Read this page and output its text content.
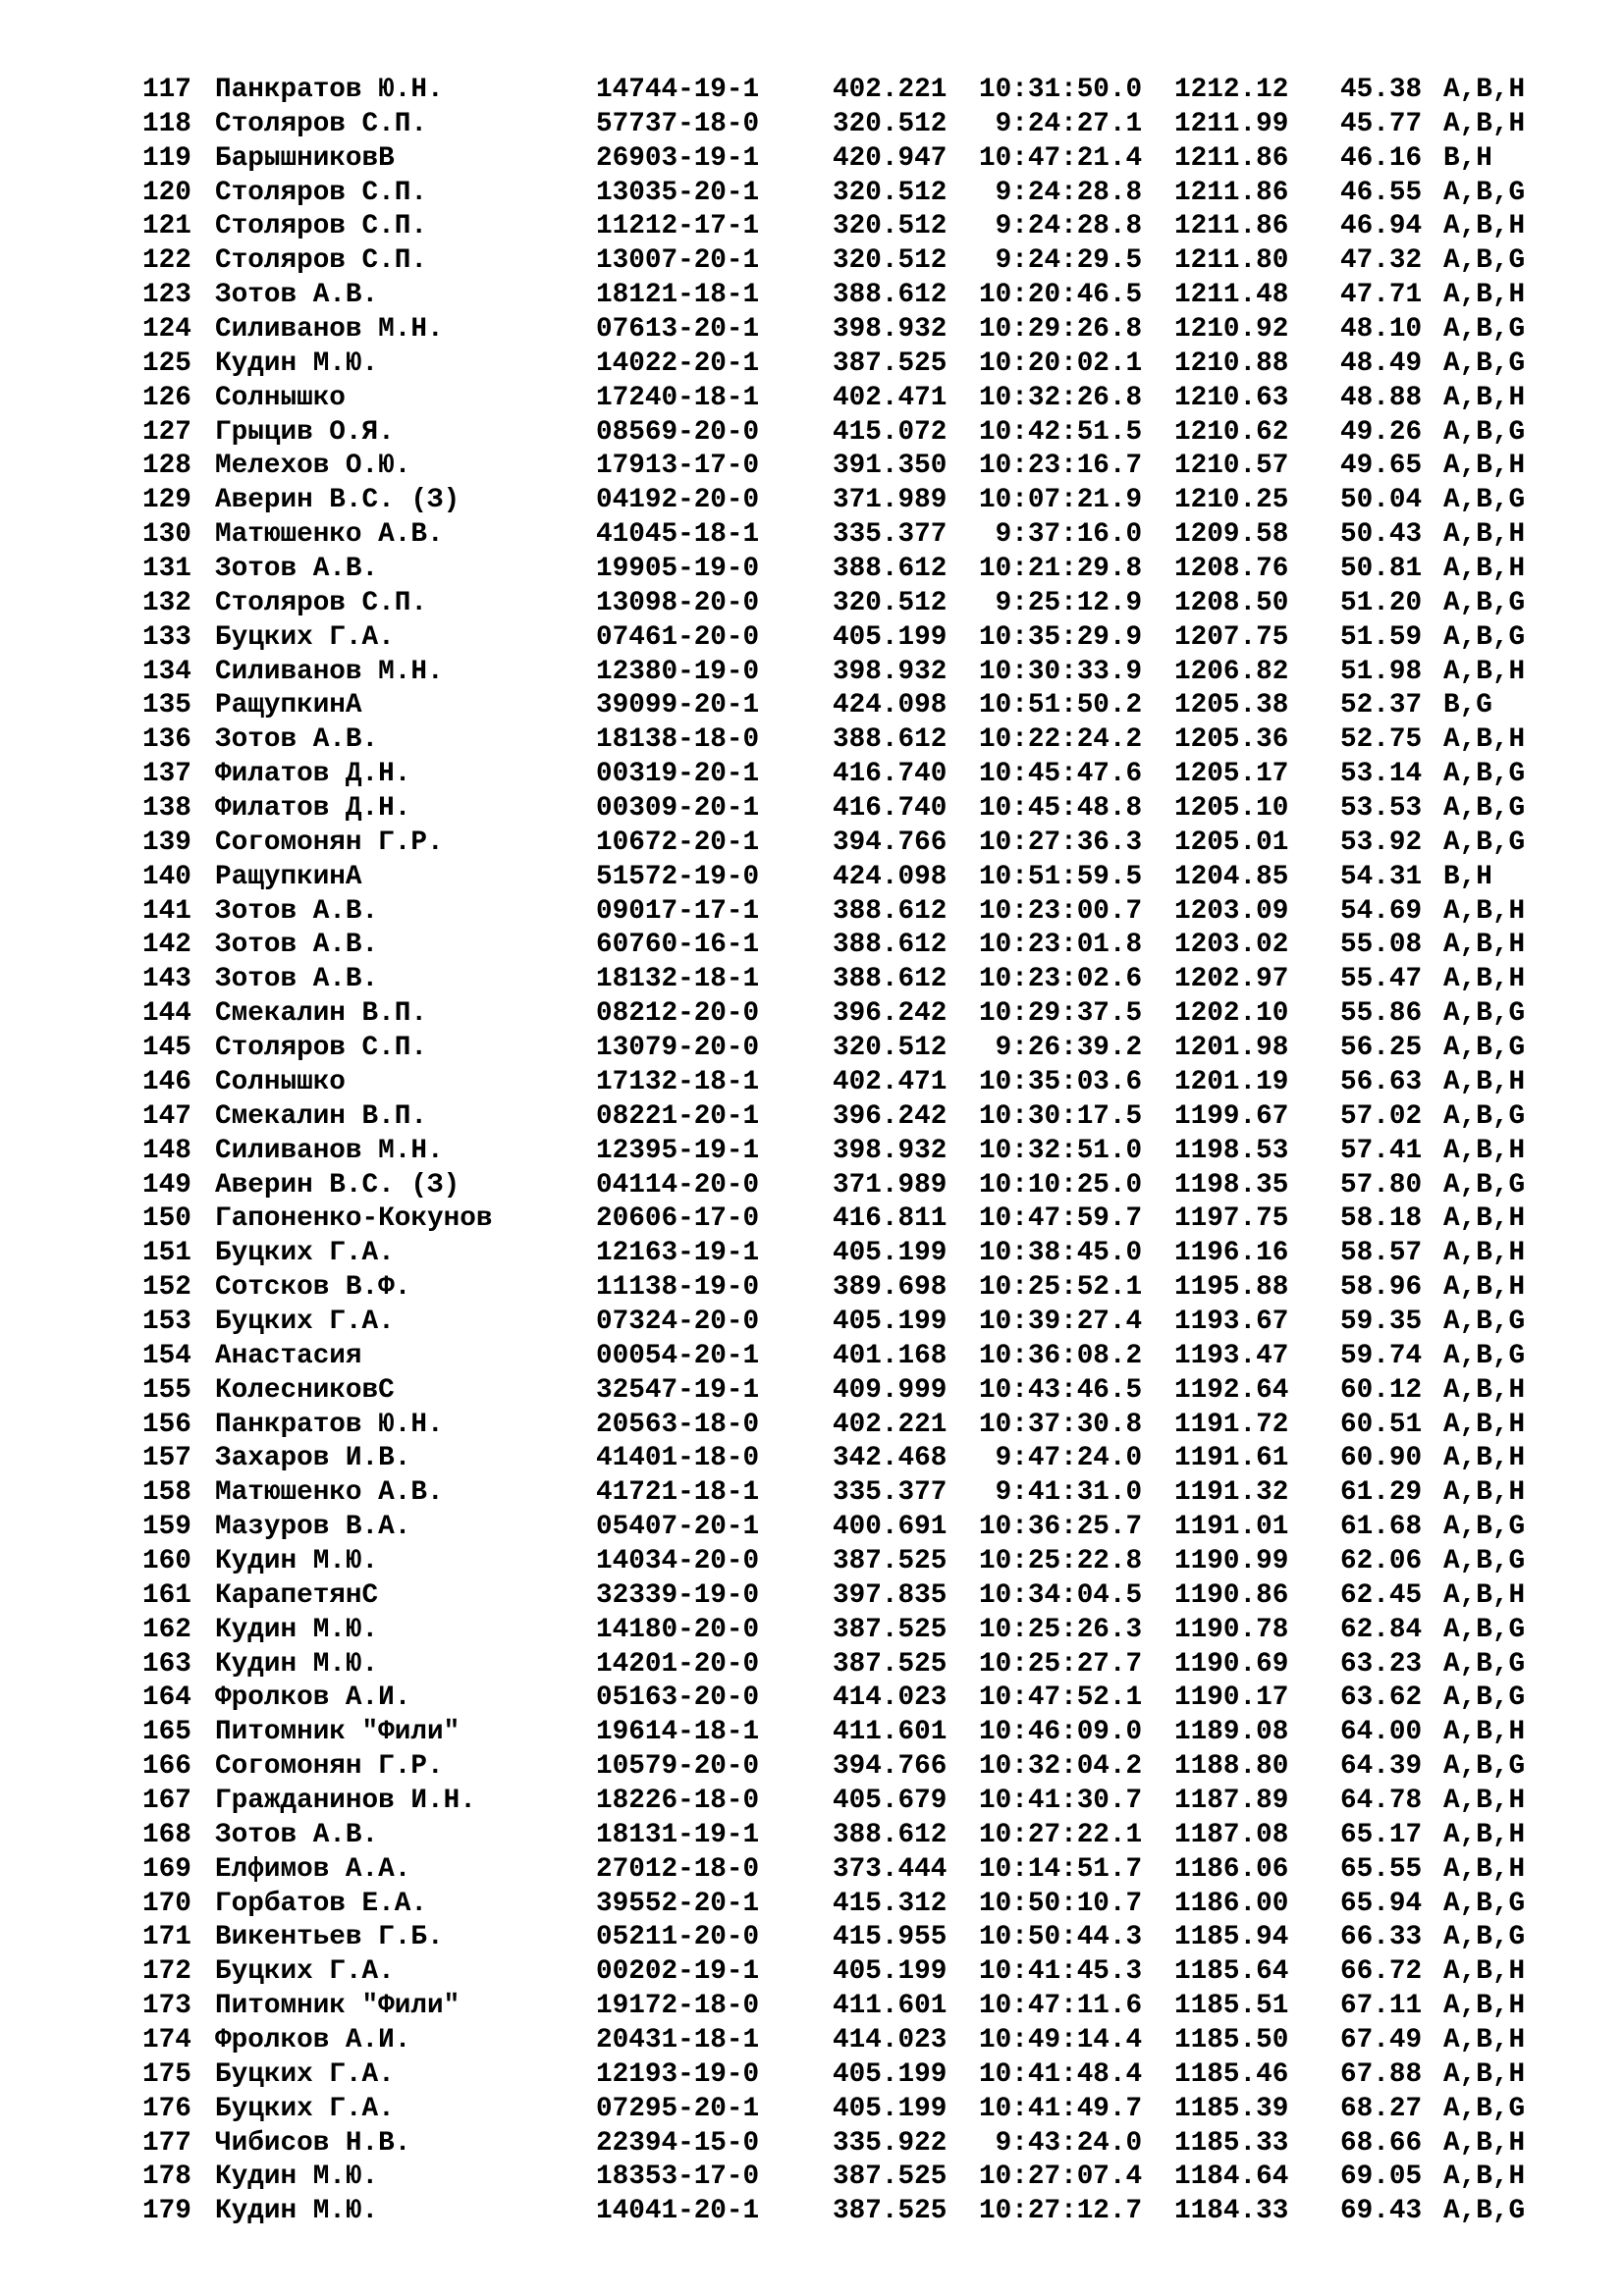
117 Панкратов Ю.Н.	14744-19-1	402.221 10:31:50.0 1212.12 45.38 A,B,H
118 Столяров С.П.	57737-18-0	320.512 9:24:27.1 1211.99 45.77 A,B,H
119 БарышниковВ	26903-19-1	420.947 10:47:21.4 1211.86 46.16 B,H
120 Столяров С.П.	13035-20-1	320.512 9:24:28.8 1211.86 46.55 A,B,G
121 Столяров С.П.	11212-17-1	320.512 9:24:28.8 1211.86 46.94 A,B,H
122 Столяров С.П.	13007-20-1	320.512 9:24:29.5 1211.80 47.32 A,B,G
123 Зотов А.В.	18121-18-1	388.612 10:20:46.5 1211.48 47.71 A,B,H
124 Силиванов М.Н.	07613-20-1	398.932 10:29:26.8 1210.92 48.10 A,B,G
125 Кудин М.Ю.	14022-20-1	387.525 10:20:02.1 1210.88 48.49 A,B,G
126 Солнышко	17240-18-1	402.471 10:32:26.8 1210.63 48.88 A,B,H
127 Грыцив О.Я.	08569-20-0	415.072 10:42:51.5 1210.62 49.26 A,B,G
128 Мелехов О.Ю.	17913-17-0	391.350 10:23:16.7 1210.57 49.65 A,B,H
129 Аверин В.С. (З)	04192-20-0	371.989 10:07:21.9 1210.25 50.04 A,B,G
130 Матюшенко А.В.	41045-18-1	335.377 9:37:16.0 1209.58 50.43 A,B,H
131 Зотов А.В.	19905-19-0	388.612 10:21:29.8 1208.76 50.81 A,B,H
132 Столяров С.П.	13098-20-0	320.512 9:25:12.9 1208.50 51.20 A,B,G
133 Буцких Г.А.	07461-20-0	405.199 10:35:29.9 1207.75 51.59 A,B,G
134 Силиванов М.Н.	12380-19-0	398.932 10:30:33.9 1206.82 51.98 A,B,H
135 РащупкинА	39099-20-1	424.098 10:51:50.2 1205.38 52.37 B,G
136 Зотов А.В.	18138-18-0	388.612 10:22:24.2 1205.36 52.75 A,B,H
137 Филатов Д.Н.	00319-20-1	416.740 10:45:47.6 1205.17 53.14 A,B,G
138 Филатов Д.Н.	00309-20-1	416.740 10:45:48.8 1205.10 53.53 A,B,G
139 Согомонян Г.Р.	10672-20-1	394.766 10:27:36.3 1205.01 53.92 A,B,G
140 РащупкинА	51572-19-0	424.098 10:51:59.5 1204.85 54.31 B,H
141 Зотов А.В.	09017-17-1	388.612 10:23:00.7 1203.09 54.69 A,B,H
142 Зотов А.В.	60760-16-1	388.612 10:23:01.8 1203.02 55.08 A,B,H
143 Зотов А.В.	18132-18-1	388.612 10:23:02.6 1202.97 55.47 A,B,H
144 Смекалин В.П.	08212-20-0	396.242 10:29:37.5 1202.10 55.86 A,B,G
145 Столяров С.П.	13079-20-0	320.512 9:26:39.2 1201.98 56.25 A,B,G
146 Солнышко	17132-18-1	402.471 10:35:03.6 1201.19 56.63 A,B,H
147 Смекалин В.П.	08221-20-1	396.242 10:30:17.5 1199.67 57.02 A,B,G
148 Силиванов М.Н.	12395-19-1	398.932 10:32:51.0 1198.53 57.41 A,B,H
149 Аверин В.С. (З)	04114-20-0	371.989 10:10:25.0 1198.35 57.80 A,B,G
150 Гапоненко-Кокунов	20606-17-0	416.811 10:47:59.7 1197.75 58.18 A,B,H
151 Буцких Г.А.	12163-19-1	405.199 10:38:45.0 1196.16 58.57 A,B,H
152 Сотсков В.Ф.	11138-19-0	389.698 10:25:52.1 1195.88 58.96 A,B,H
153 Буцких Г.А.	07324-20-0	405.199 10:39:27.4 1193.67 59.35 A,B,G
154 Анастасия	00054-20-1	401.168 10:36:08.2 1193.47 59.74 A,B,G
155 КолесниковС	32547-19-1	409.999 10:43:46.5 1192.64 60.12 A,B,H
156 Панкратов Ю.Н.	20563-18-0	402.221 10:37:30.8 1191.72 60.51 A,B,H
157 Захаров И.В.	41401-18-0	342.468 9:47:24.0 1191.61 60.90 A,B,H
158 Матюшенко А.В.	41721-18-1	335.377 9:41:31.0 1191.32 61.29 A,B,H
159 Мазуров В.А.	05407-20-1	400.691 10:36:25.7 1191.01 61.68 A,B,G
160 Кудин М.Ю.	14034-20-0	387.525 10:25:22.8 1190.99 62.06 A,B,G
161 КарапетянС	32339-19-0	397.835 10:34:04.5 1190.86 62.45 A,B,H
162 Кудин М.Ю.	14180-20-0	387.525 10:25:26.3 1190.78 62.84 A,B,G
163 Кудин М.Ю.	14201-20-0	387.525 10:25:27.7 1190.69 63.23 A,B,G
164 Фролков А.И.	05163-20-0	414.023 10:47:52.1 1190.17 63.62 A,B,G
165 Питомник "Фили"	19614-18-1	411.601 10:46:09.0 1189.08 64.00 A,B,H
166 Согомонян Г.Р.	10579-20-0	394.766 10:32:04.2 1188.80 64.39 A,B,G
167 Гражданинов И.Н.	18226-18-0	405.679 10:41:30.7 1187.89 64.78 A,B,H
168 Зотов А.В.	18131-19-1	388.612 10:27:22.1 1187.08 65.17 A,B,H
169 Елфимов А.А.	27012-18-0	373.444 10:14:51.7 1186.06 65.55 A,B,H
170 Горбатов Е.А.	39552-20-1	415.312 10:50:10.7 1186.00 65.94 A,B,G
171 Викентьев Г.Б.	05211-20-0	415.955 10:50:44.3 1185.94 66.33 A,B,G
172 Буцких Г.А.	00202-19-1	405.199 10:41:45.3 1185.64 66.72 A,B,H
173 Питомник "Фили"	19172-18-0	411.601 10:47:11.6 1185.51 67.11 A,B,H
174 Фролков А.И.	20431-18-1	414.023 10:49:14.4 1185.50 67.49 A,B,H
175 Буцких Г.А.	12193-19-0	405.199 10:41:48.4 1185.46 67.88 A,B,H
176 Буцких Г.А.	07295-20-1	405.199 10:41:49.7 1185.39 68.27 A,B,G
177 Чибисов Н.В.	22394-15-0	335.922 9:43:24.0 1185.33 68.66 A,B,H
178 Кудин М.Ю.	18353-17-0	387.525 10:27:07.4 1184.64 69.05 A,B,H
179 Кудин М.Ю.	14041-20-1	387.525 10:27:12.7 1184.33 69.43 A,B,G
